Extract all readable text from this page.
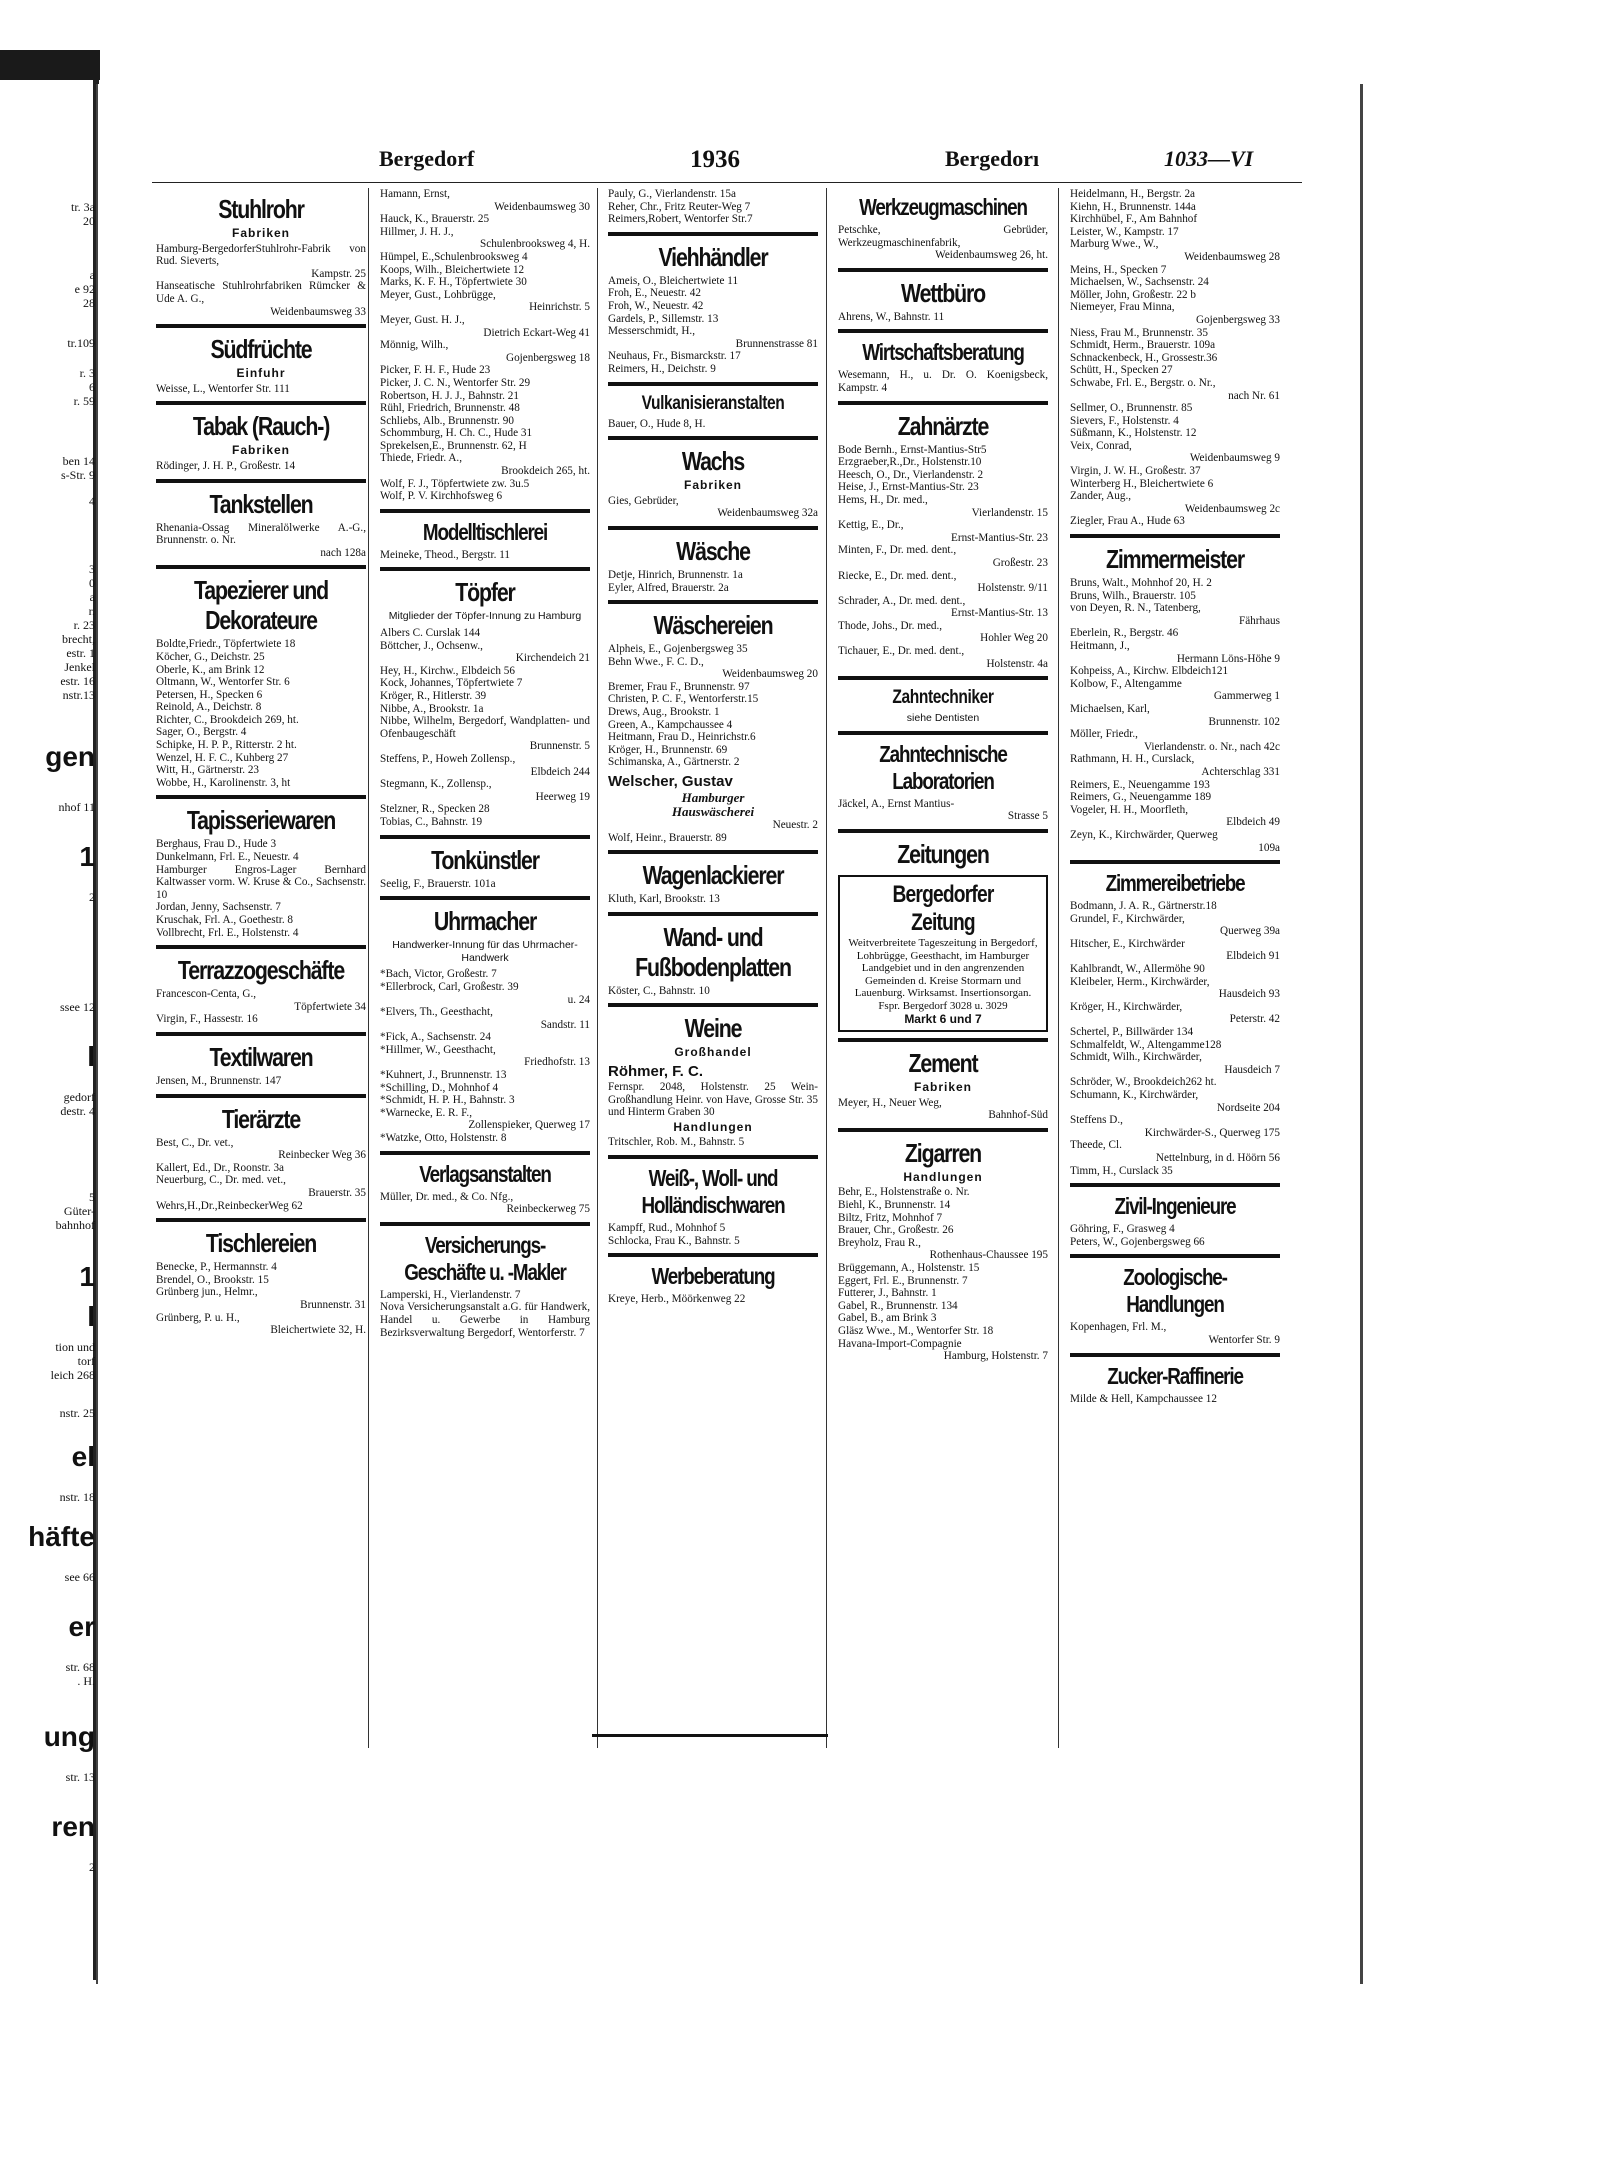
tr. 3a
20
a
e 92
28
tr.109
r. 3
6
r. 59
ben 14
s-Str. 9
4
3
0
a
r.
r. 23
brecht,
estr. 1
Jenkel
estr. 16
nstr.13
gen
nhof 11
1
2
ssee 12
l
gedorf
destr. 4
5
Güter-
bahnhof
1
l
tion und
torf
leich 268
nstr. 25
el
nstr. 18
häfte
see 66
er
str. 68
. H.
ung
str. 13
ren
2
Bergedorf	1936	Bergedorı	1033—VI
Stuhlrohr
Fabriken
Hamburg-BergedorferStuhlrohr-Fabrik von Rud. Sieverts,
Kampstr. 25
Hanseatische Stuhlrohrfabriken Rümcker & Ude A. G.,
Weidenbaumsweg 33
Südfrüchte
Einfuhr
Weisse, L., Wentorfer Str. 111
Tabak (Rauch-)
Fabriken
Rödinger, J. H. P., Großestr. 14
Tankstellen
Rhenania-Ossag Mineralölwerke A.-G., Brunnenstr. o. Nr.
nach 128a
Tapezierer und Dekorateure
Boldte,Friedr., Töpfertwiete 18
Köcher, G., Deichstr. 25
Oberle, K., am Brink 12
Oltmann, W., Wentorfer Str. 6
Petersen, H., Specken 6
Reinold, A., Deichstr. 8
Richter, C., Brookdeich 269, ht.
Sager, O., Bergstr. 4
Schipke, H. P. P., Ritterstr. 2 ht.
Wenzel, H. F. C., Kuhberg 27
Witt, H., Gärtnerstr. 23
Wobbe, H., Karolinenstr. 3, ht
Tapisseriewaren
Berghaus, Frau D., Hude 3
Dunkelmann, Frl. E., Neuestr. 4
Hamburger Engros-Lager Bernhard Kaltwasser vorm. W. Kruse & Co., Sachsenstr. 10
Jordan, Jenny, Sachsenstr. 7
Kruschak, Frl. A., Goethestr. 8
Vollbrecht, Frl. E., Holstenstr. 4
Terrazzogeschäfte
Francescon-Centa, G.,
Töpfertwiete 34
Virgin, F., Hassestr. 16
Textilwaren
Jensen, M., Brunnenstr. 147
Tierärzte
Best, C., Dr. vet.,
Reinbecker Weg 36
Kallert, Ed., Dr., Roonstr. 3a
Neuerburg, C., Dr. med. vet.,
Brauerstr. 35
Wehrs,H.,Dr.,ReinbeckerWeg 62
Tischlereien
Benecke, P., Hermannstr. 4
Brendel, O., Brookstr. 15
Grünberg jun., Helmr.,
Brunnenstr. 31
Grünberg, P. u. H.,
Bleichertwiete 32, H.
Hamann, Ernst,
Weidenbaumsweg 30
Hauck, K., Brauerstr. 25
Hillmer, J. H. J.,
Schulenbrooksweg 4, H.
Hümpel, E.,Schulenbrooksweg 4
Koops, Wilh., Bleichertwiete 12
Marks, K. F. H., Töpfertwiete 30
Meyer, Gust., Lohbrügge,
Heinrichstr. 5
Meyer, Gust. H. J.,
Dietrich Eckart-Weg 41
Mönnig, Wilh.,
Gojenbergsweg 18
Picker, F. H. F., Hude 23
Picker, J. C. N., Wentorfer Str. 29
Robertson, H. J. J., Bahnstr. 21
Rühl, Friedrich, Brunnenstr. 48
Schliebs, Alb., Brunnenstr. 90
Schommburg, H. Ch. C., Hude 31
Sprekelsen,E., Brunnenstr. 62, H
Thiede, Friedr. A.,
Brookdeich 265, ht.
Wolf, F. J., Töpfertwiete zw. 3u.5
Wolf, P. V. Kirchhofsweg 6
Modelltischlerei
Meineke, Theod., Bergstr. 11
Töpfer
Mitglieder der Töpfer-Innung zu Hamburg
Albers C. Curslak 144
Böttcher, J., Ochsenw.,
Kirchendeich 21
Hey, H., Kirchw., Elbdeich 56
Kock, Johannes, Töpfertwiete 7
Kröger, R., Hitlerstr. 39
Nibbe, A., Brookstr. 1a
Nibbe, Wilhelm, Bergedorf, Wandplatten- und Ofenbaugeschäft
Brunnenstr. 5
Steffens, P., Howeh Zollensp.,
Elbdeich 244
Stegmann, K., Zollensp.,
Heerweg 19
Stelzner, R., Specken 28
Tobias, C., Bahnstr. 19
Tonkünstler
Seelig, F., Brauerstr. 101a
Uhrmacher
Handwerker-Innung für das Uhrmacher-Handwerk
*Bach, Victor, Großestr. 7
*Ellerbrock, Carl, Großestr. 39
u. 24
*Elvers, Th., Geesthacht,
Sandstr. 11
*Fick, A., Sachsenstr. 24
*Hillmer, W., Geesthacht,
Friedhofstr. 13
*Kuhnert, J., Brunnenstr. 13
*Schilling, D., Mohnhof 4
*Schmidt, H. P. H., Bahnstr. 3
*Warnecke, E. R. F.,
Zollenspieker, Querweg 17
*Watzke, Otto, Holstenstr. 8
Verlagsanstalten
Müller, Dr. med., & Co. Nfg.,
Reinbeckerweg 75
Versicherungs-Geschäfte u. -Makler
Lamperski, H., Vierlandenstr. 7
Nova Versicherungsanstalt a.G. für Handwerk, Handel u. Gewerbe in Hamburg Bezirksverwaltung Bergedorf, Wentorferstr. 7
Pauly, G., Vierlandenstr. 15a
Reher, Chr., Fritz Reuter-Weg 7
Reimers,Robert, Wentorfer Str.7
Viehhändler
Ameis, O., Bleichertwiete 11
Froh, E., Neuestr. 42
Froh, W., Neuestr. 42
Gardels, P., Sillemstr. 13
Messerschmidt, H.,
Brunnenstrasse 81
Neuhaus, Fr., Bismarckstr. 17
Reimers, H., Deichstr. 9
Vulkanisieranstalten
Bauer, O., Hude 8, H.
Wachs
Fabriken
Gies, Gebrüder,
Weidenbaumsweg 32a
Wäsche
Detje, Hinrich, Brunnenstr. 1a
Eyler, Alfred, Brauerstr. 2a
Wäschereien
Alpheis, E., Gojenbergsweg 35
Behn Wwe., F. C. D.,
Weidenbaumsweg 20
Bremer, Frau F., Brunnenstr. 97
Christen, P. C. F., Wentorferstr.15
Drews, Aug., Brookstr. 1
Green, A., Kampchaussee 4
Heitmann, Frau D., Heinrichstr.6
Kröger, H., Brunnenstr. 69
Schimanska, A., Gärtnerstr. 2
Welscher, Gustav
Hamburger
Hauswäscherei
Neuestr. 2
Wolf, Heinr., Brauerstr. 89
Wagenlackierer
Kluth, Karl, Brookstr. 13
Wand- und Fußbodenplatten
Köster, C., Bahnstr. 10
Weine
Großhandel
Röhmer, F. C.
Fernspr. 2048, Holstenstr. 25 Wein-Großhandlung Heinr. von Have, Grosse Str. 35 und Hinterm Graben 30
Handlungen
Tritschler, Rob. M., Bahnstr. 5
Weiß-, Woll- und Holländischwaren
Kampff, Rud., Mohnhof 5
Schlocka, Frau K., Bahnstr. 5
Werbeberatung
Kreye, Herb., Möörkenweg 22
Werkzeugmaschinen
Petschke, Gebrüder, Werkzeugmaschinenfabrik,
Weidenbaumsweg 26, ht.
Wettbüro
Ahrens, W., Bahnstr. 11
Wirtschaftsberatung
Wesemann, H., u. Dr. O. Koenigsbeck, Kampstr. 4
Zahnärzte
Bode Bernh., Ernst-Mantius-Str5
Erzgraeber,R.,Dr., Holstenstr.10
Heesch, O., Dr., Vierlandenstr. 2
Heise, J., Ernst-Mantius-Str. 23
Hems, H., Dr. med.,
Vierlandenstr. 15
Kettig, E., Dr.,
Ernst-Mantius-Str. 23
Minten, F., Dr. med. dent.,
Großestr. 23
Riecke, E., Dr. med. dent.,
Holstenstr. 9/11
Schrader, A., Dr. med. dent.,
Ernst-Mantius-Str. 13
Thode, Johs., Dr. med.,
Hohler Weg 20
Tichauer, E., Dr. med. dent.,
Holstenstr. 4a
Zahntechniker
siehe Dentisten
Zahntechnische Laboratorien
Jäckel, A., Ernst Mantius-
Strasse 5
Zeitungen
Bergedorfer Zeitung
Weitverbreitete Tageszeitung in Bergedorf, Lohbrügge, Geesthacht, im Hamburger Landgebiet und in den angrenzenden Gemeinden d. Kreise Stormarn und Lauenburg. Wirksamst. Insertionsorgan. Fspr. Bergedorf 3028 u. 3029
Markt 6 und 7
Zement
Fabriken
Meyer, H., Neuer Weg,
Bahnhof-Süd
Zigarren
Handlungen
Behr, E., Holstenstraße o. Nr.
Biehl, K., Brunnenstr. 14
Biltz, Fritz, Mohnhof 7
Brauer, Chr., Großestr. 26
Breyholz, Frau R.,
Rothenhaus-Chaussee 195
Brüggemann, A., Holstenstr. 15
Eggert, Frl. E., Brunnenstr. 7
Futterer, J., Bahnstr. 1
Gabel, R., Brunnenstr. 134
Gabel, B., am Brink 3
Gläsz Wwe., M., Wentorfer Str. 18
Havana-Import-Compagnie
Hamburg, Holstenstr. 7
Heidelmann, H., Bergstr. 2a
Kiehn, H., Brunnenstr. 144a
Kirchhübel, F., Am Bahnhof
Leister, W., Kampstr. 17
Marburg Wwe., W.,
Weidenbaumsweg 28
Meins, H., Specken 7
Michaelsen, W., Sachsenstr. 24
Möller, John, Großestr. 22 b
Niemeyer, Frau Minna,
Gojenbergsweg 33
Niess, Frau M., Brunnenstr. 35
Schmidt, Herm., Brauerstr. 109a
Schnackenbeck, H., Grossestr.36
Schütt, H., Specken 27
Schwabe, Frl. E., Bergstr. o. Nr.,
nach Nr. 61
Sellmer, O., Brunnenstr. 85
Sievers, F., Holstenstr. 4
Süßmann, K., Holstenstr. 12
Veix, Conrad,
Weidenbaumsweg 9
Virgin, J. W. H., Großestr. 37
Winterberg H., Bleichertwiete 6
Zander, Aug.,
Weidenbaumsweg 2c
Ziegler, Frau A., Hude 63
Zimmermeister
Bruns, Walt., Mohnhof 20, H. 2
Bruns, Wilh., Brauerstr. 105
von Deyen, R. N., Tatenberg,
Fährhaus
Eberlein, R., Bergstr. 46
Heitmann, J.,
Hermann Löns-Höhe 9
Kohpeiss, A., Kirchw. Elbdeich121
Kolbow, F., Altengamme
Gammerweg 1
Michaelsen, Karl,
Brunnenstr. 102
Möller, Friedr.,
Vierlandenstr. o. Nr., nach 42c
Rathmann, H. H., Curslack,
Achterschlag 331
Reimers, E., Neuengamme 193
Reimers, G., Neuengamme 189
Vogeler, H. H., Moorfleth,
Elbdeich 49
Zeyn, K., Kirchwärder, Querweg
109a
Zimmereibetriebe
Bodmann, J. A. R., Gärtnerstr.18
Grundel, F., Kirchwärder,
Querweg 39a
Hitscher, E., Kirchwärder
Elbdeich 91
Kahlbrandt, W., Allermöhe 90
Kleibeler, Herm., Kirchwärder,
Hausdeich 93
Kröger, H., Kirchwärder,
Peterstr. 42
Schertel, P., Billwärder 134
Schmalfeldt, W., Altengamme128
Schmidt, Wilh., Kirchwärder,
Hausdeich 7
Schröder, W., Brookdeich262 ht.
Schumann, K., Kirchwärder,
Nordseite 204
Steffens D.,
Kirchwärder-S., Querweg 175
Theede, Cl.
Nettelnburg, in d. Höörn 56
Timm, H., Curslack 35
Zivil-Ingenieure
Göhring, F., Grasweg 4
Peters, W., Gojenbergsweg 66
Zoologische-Handlungen
Kopenhagen, Frl. M.,
Wentorfer Str. 9
Zucker-Raffinerie
Milde & Hell, Kampchaussee 12
